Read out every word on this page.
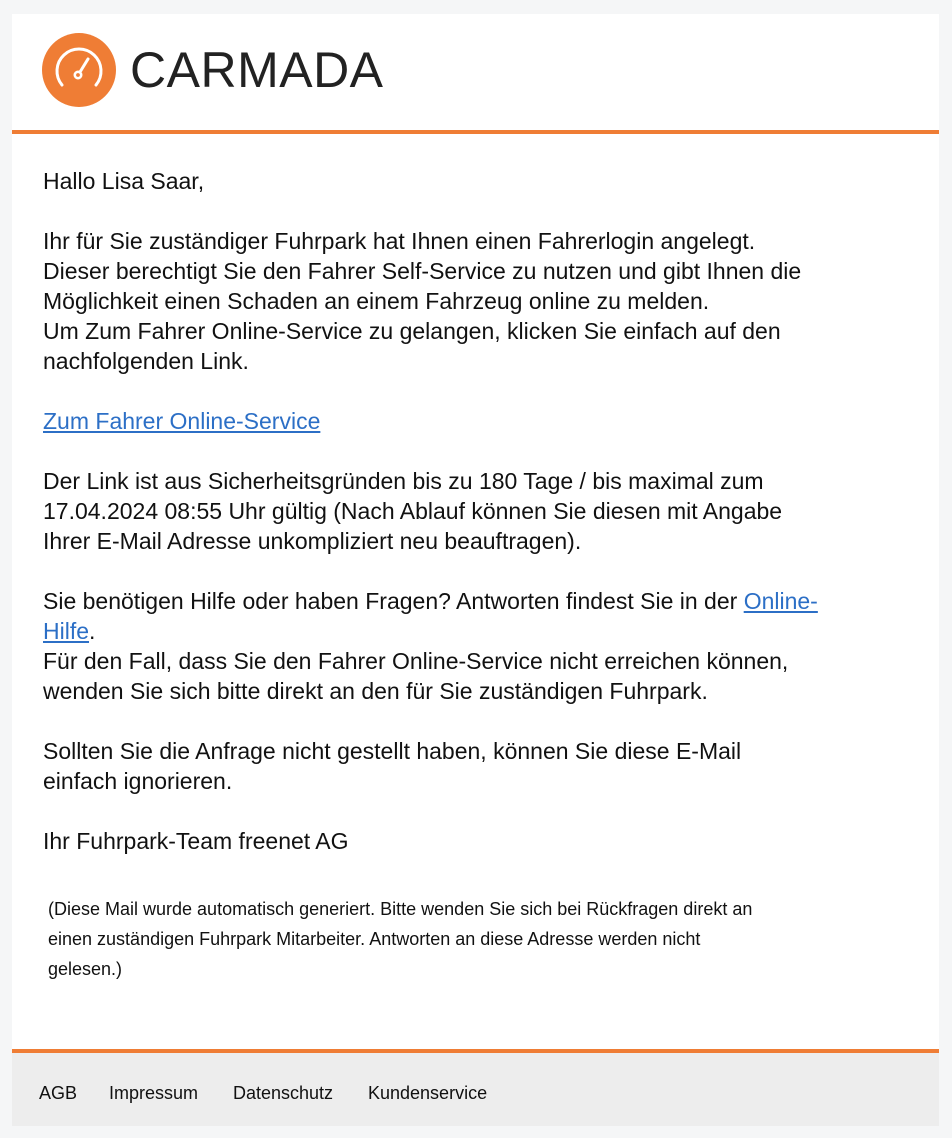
CARMADA

Hallo Lisa Saar,

Ihr für Sie zuständiger Fuhrpark hat Ihnen einen Fahrerlogin angelegt.
Dieser berechtigt Sie den Fahrer Self-Service zu nutzen und gibt Ihnen die
Möglichkeit einen Schaden an einem Fahrzeug online zu melden.
Um Zum Fahrer Online-Service zu gelangen, klicken Sie einfach auf den
nachfolgenden Link.

Zum Fahrer Online-Service

Der Link ist aus Sicherheitsgründen bis zu 180 Tage / bis maximal zum
17.04.2024 08:55 Uhr gültig (Nach Ablauf können Sie diesen mit Angabe
Ihrer E-Mail Adresse unkompliziert neu beauftragen).

Sie benötigen Hilfe oder haben Fragen? Antworten findest Sie in der Online-
Hilfe.
Für den Fall, dass Sie den Fahrer Online-Service nicht erreichen können,
wenden Sie sich bitte direkt an den für Sie zuständigen Fuhrpark.

Sollten Sie die Anfrage nicht gestellt haben, können Sie diese E-Mail
einfach ignorieren.

Ihr Fuhrpark-Team freenet AG

(Diese Mail wurde automatisch generiert. Bitte wenden Sie sich bei Rückfragen direkt an
einen zuständigen Fuhrpark Mitarbeiter. Antworten an diese Adresse werden nicht
gelesen.)
AGB Impressum Datenschutz Kundenservice
